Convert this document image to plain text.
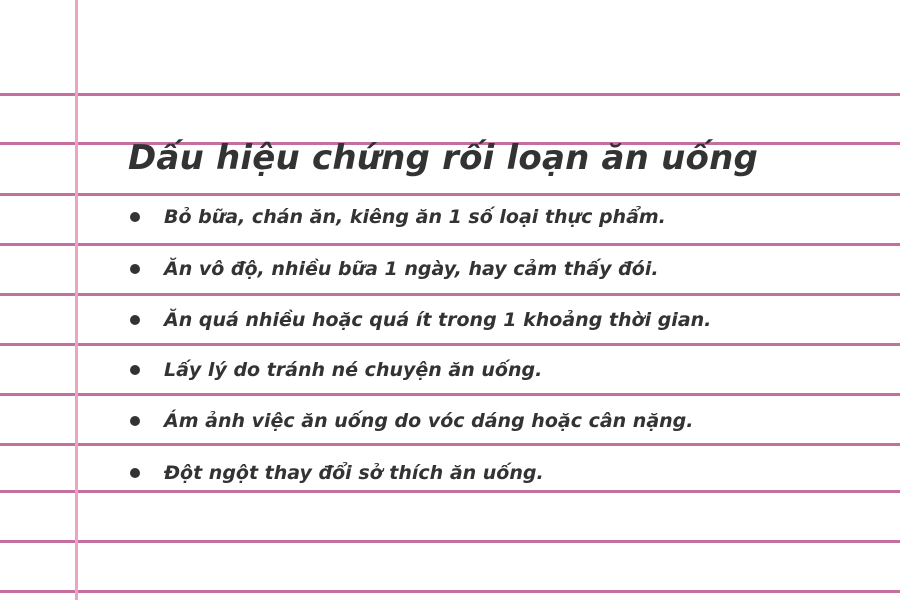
Dấu hiệu chứng rối loạn ăn uống
Bỏ bữa, chán ăn, kiêng ăn 1 số loại thực phẩm.
Ăn vô độ, nhiều bữa 1 ngày, hay cảm thấy đói.
Ăn quá nhiều hoặc quá ít trong 1 khoảng thời gian.
Lấy lý do tránh né chuyện ăn uống.
Ám ảnh việc ăn uống do vóc dáng hoặc cân nặng.
Đột ngột thay đổi sở thích ăn uống.
